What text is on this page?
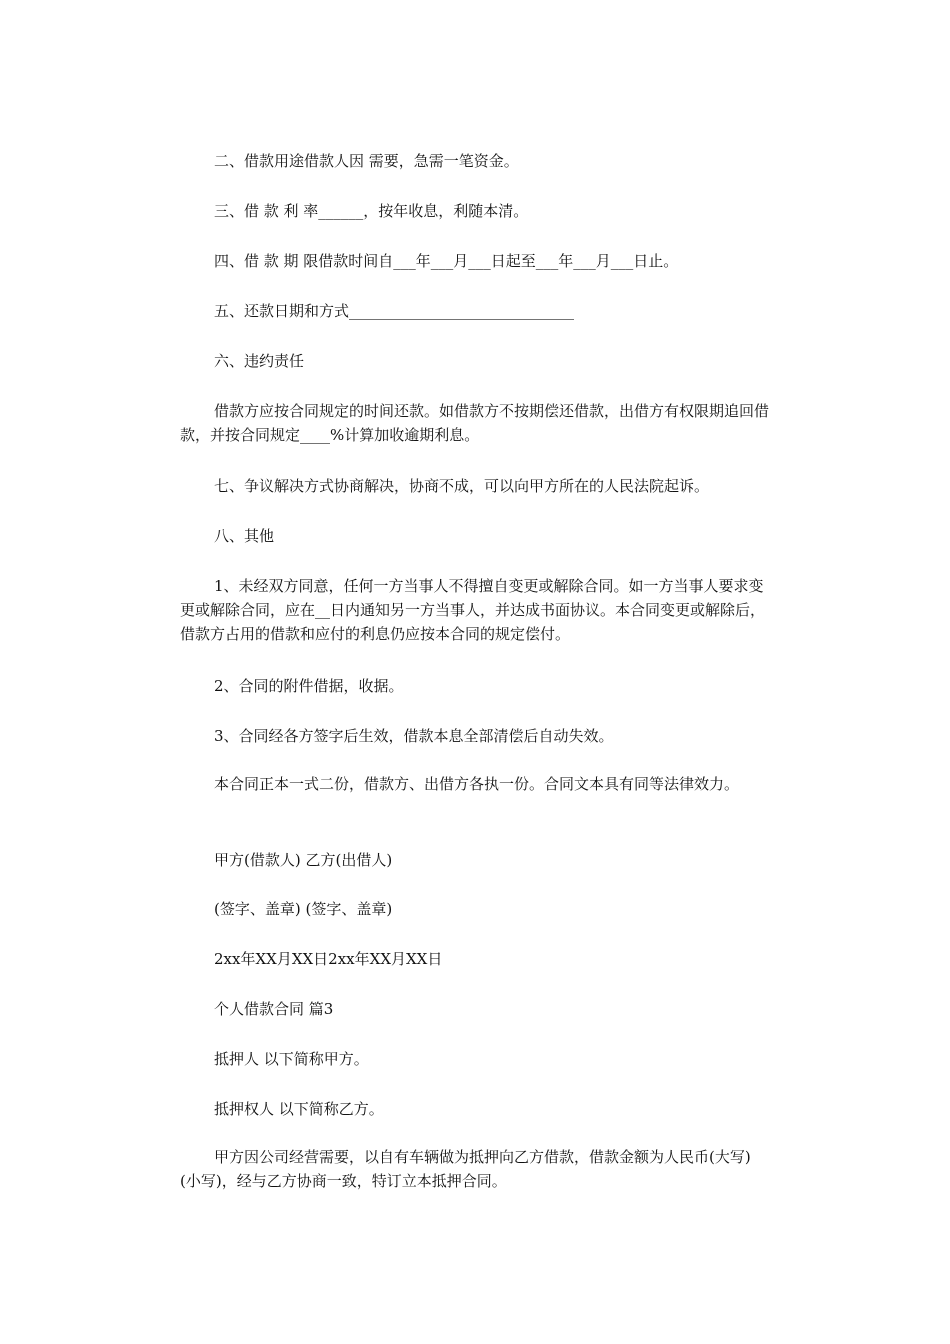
二、借款用途借款人因 需要，急需一笔资金。

三、借 款 利 率______，按年收息，利随本清。

四、借 款 期 限借款时间自___年___月___日起至___年___月___日止。

五、还款日期和方式______________________________

六、违约责任

借款方应按合同规定的时间还款。如借款方不按期偿还借款，出借方有权限期追回借款，并按合同规定____%计算加收逾期利息。

七、争议解决方式协商解决，协商不成，可以向甲方所在的人民法院起诉。

八、其他

1、未经双方同意，任何一方当事人不得擅自变更或解除合同。如一方当事人要求变更或解除合同，应在__日内通知另一方当事人，并达成书面协议。本合同变更或解除后，借款方占用的借款和应付的利息仍应按本合同的规定偿付。

2、合同的附件借据，收据。

3、合同经各方签字后生效，借款本息全部清偿后自动失效。

本合同正本一式二份，借款方、出借方各执一份。合同文本具有同等法律效力。

甲方(借款人) 乙方(出借人)

(签字、盖章) (签字、盖章)

2xx年XX月XX日2xx年XX月XX日

个人借款合同 篇3

抵押人 以下简称甲方。

抵押权人 以下简称乙方。

甲方因公司经营需要，以自有车辆做为抵押向乙方借款，借款金额为人民币(大写) (小写)，经与乙方协商一致，特订立本抵押合同。
